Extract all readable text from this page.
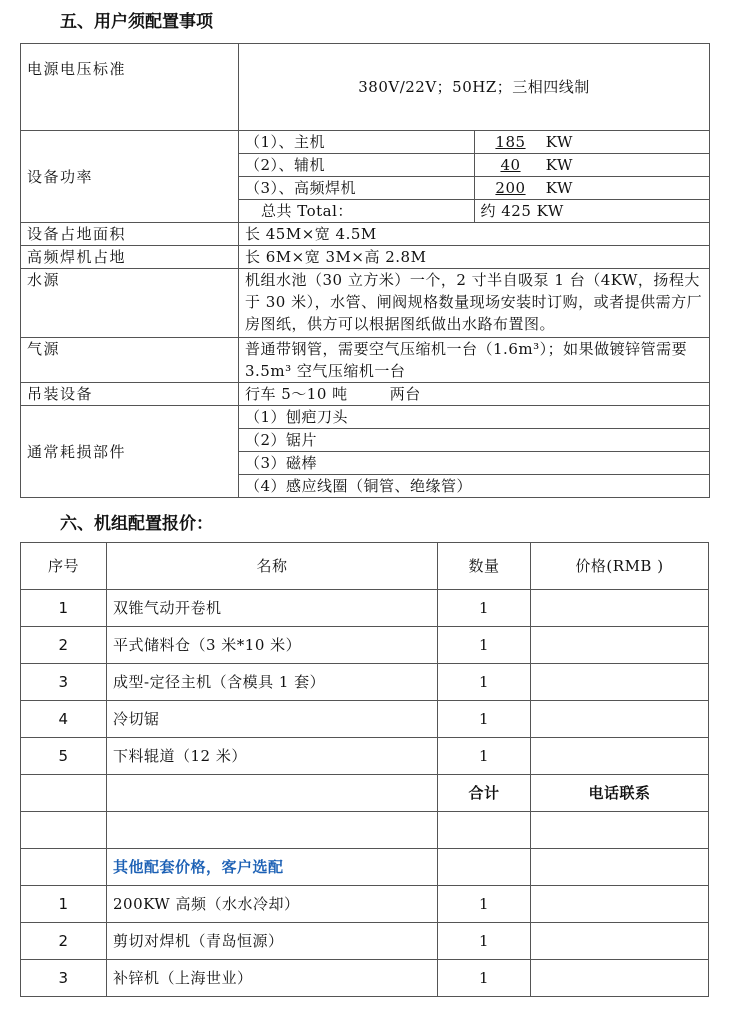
五、用户须配置事项
电源电压标准	380V/22V；50HZ；三相四线制	

设备功率	（1）、主机	185 KW
	（2）、辅机	40 KW
	（3）、高频焊机	200 KW
	总共 Total：	约 425 KW
设备占地面积	长 45M×宽 4.5M	
高频焊机占地	长 6M×宽 3M×高 2.8M	
水源	机组水池（30 立方米）一个，2 寸半自吸泵 1 台（4KW，扬程大于 30 米），水管、闸阀规格数量现场安装时订购，或者提供需方厂房图纸，供方可以根据图纸做出水路布置图。	
气源	普通带钢管，需要空气压缩机一台（1.6m³）；如果做镀锌管需要 3.5m³ 空气压缩机一台	
吊装设备	行车 5～10 吨        两台	
通常耗损部件	（1）刨疤刀头	
	（2）锯片	
	（3）磁棒	
	（4）感应线圈（铜管、绝缘管）	
六、机组配置报价：
序号	名称	数量	价格(RMB )
1	双锥气动开卷机	1	
2	平式储料仓（3 米*10 米）	1	
3	成型-定径主机（含模具 1 套）	1	
4	冷切锯	1	
5	下料辊道（12 米）	1	
		合计	电话联系

	其他配套价格，客户选配		
1	200KW 高频（水水冷却）	1	
2	剪切对焊机（青岛恒源）	1	
3	补锌机（上海世业）	1	
